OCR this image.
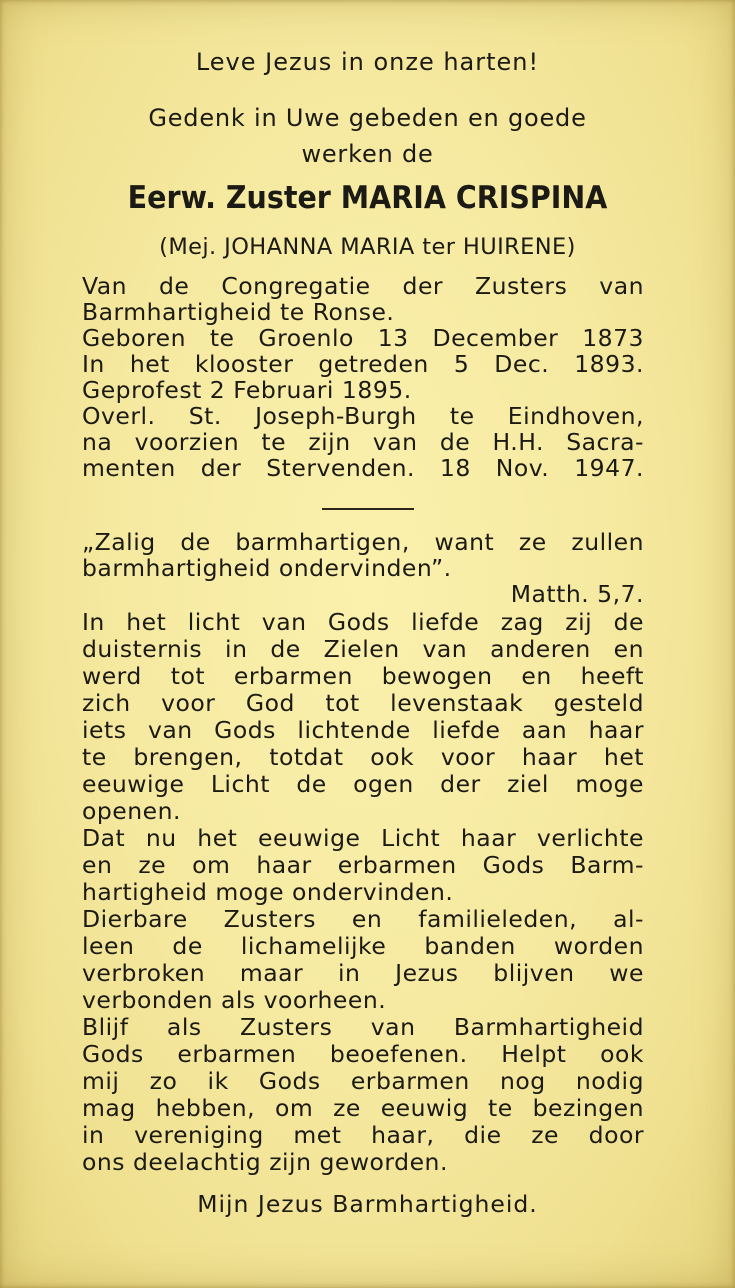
Leve Jezus in onze harten!
Gedenk in Uwe gebeden en goede
werken de
Eerw. Zuster MARIA CRISPINA
(Mej. JOHANNA MARIA ter HUIRENE)
Van de Congregatie der Zusters van
Barmhartigheid te Ronse.
Geboren te Groenlo 13 December 1873
In het klooster getreden 5 Dec. 1893.
Geprofest 2 Februari 1895.
Overl. St. Joseph-Burgh te Eindhoven,
na voorzien te zijn van de H.H. Sacra-
menten der Stervenden. 18 Nov. 1947.
„Zalig de barmhartigen, want ze zullen
barmhartigheid ondervinden”.
Matth. 5,7.
In het licht van Gods liefde zag zij de
duisternis in de Zielen van anderen en
werd tot erbarmen bewogen en heeft
zich voor God tot levenstaak gesteld
iets van Gods lichtende liefde aan haar
te brengen, totdat ook voor haar het
eeuwige Licht de ogen der ziel moge
openen.
Dat nu het eeuwige Licht haar verlichte
en ze om haar erbarmen Gods Barm-
hartigheid moge ondervinden.
Dierbare Zusters en familieleden, al-
leen de lichamelijke banden worden
verbroken maar in Jezus blijven we
verbonden als voorheen.
Blijf als Zusters van Barmhartigheid
Gods erbarmen beoefenen. Helpt ook
mij zo ik Gods erbarmen nog nodig
mag hebben, om ze eeuwig te bezingen
in vereniging met haar, die ze door
ons deelachtig zijn geworden.
Mijn Jezus Barmhartigheid.
